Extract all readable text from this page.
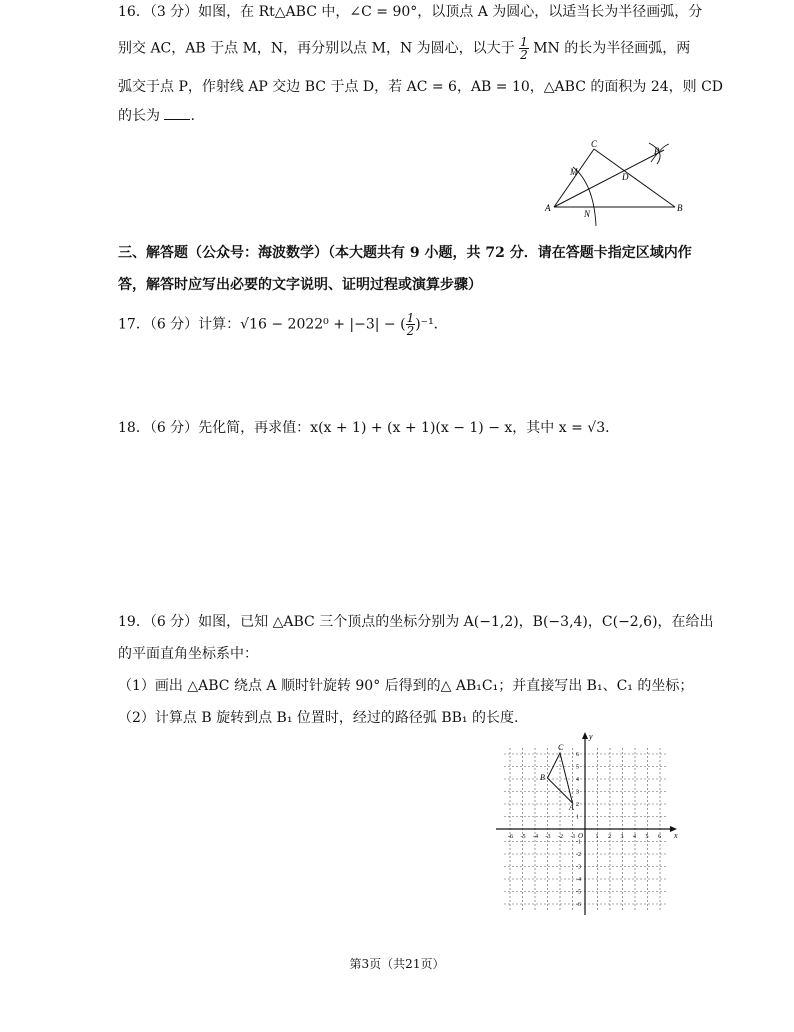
16．（3 分）如图，在 Rt△ABC 中，∠C = 90°，以顶点 A 为圆心，以适当长为半径画弧，分
别交 AC，AB 于点 M，N，再分别以点 M，N 为圆心，以大于 $\frac{1}{2}$ MN 的长为半径画弧，两
弧交于点 P，作射线 AP 交边 BC 于点 D，若 AC = 6，AB = 10，△ABC 的面积为 24，则 CD
的长为 .
A	B
C
D
M
N
P
三、解答题（公众号：海波数学）（本大题共有 9 小题，共 72 分．请在答题卡指定区域内作
答，解答时应写出必要的文字说明、证明过程或演算步骤）
17．（6 分）计算：√16 − 2022⁰ + |−3| − ( $\frac{1}{2} )^{-1}$．
18．（6 分）先化简，再求值：x(x + 1) + (x + 1)(x − 1) − x，其中 x = √3．
19．（6 分）如图，已知 △ABC 三个顶点的坐标分别为 A(−1,2)，B(−3,4)，C(−2,6)，在给出
的平面直角坐标系中：
（1）画出 △ABC 绕点 A 顺时针旋转 90° 后得到的△ AB₁C₁；并直接写出 B₁、C₁ 的坐标；
（2）计算点 B 旋转到点 B₁ 位置时，经过的路径弧 BB₁ 的长度.
x
y
O
-6 -5 -4 -3 -2 -1	1 2 3 4 5 6
6
5
4
3
2
1
-1
-2
-3
-4
-5
-6
A
B
C
第3页（共21页）
